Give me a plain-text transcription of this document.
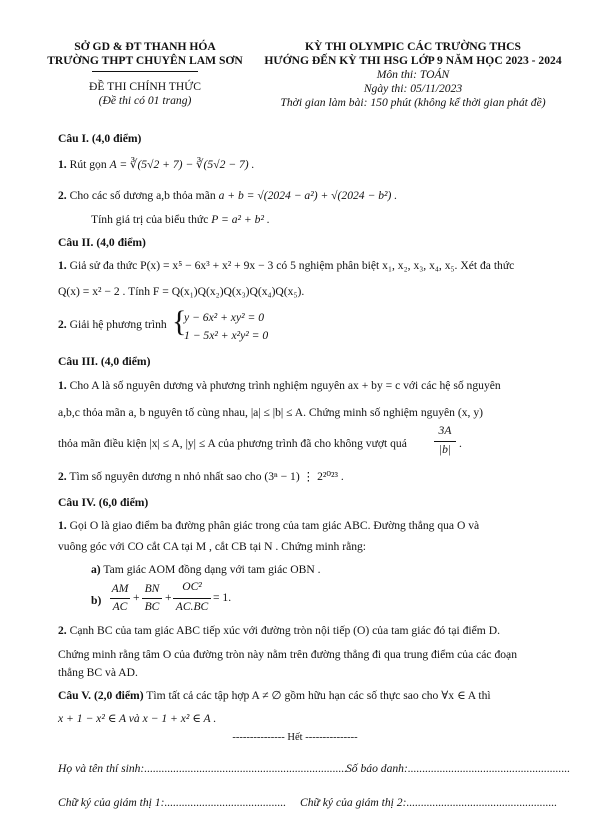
SỞ GD & ĐT THANH HÓA
TRƯỜNG THPT CHUYÊN LAM SƠN
ĐỀ THI CHÍNH THỨC
(Đề thi có 01 trang)
KỲ THI OLYMPIC CÁC TRƯỜNG THCS
HƯỚNG ĐẾN KỲ THI HSG LỚP 9 NĂM HỌC 2023 - 2024
Môn thi: TOÁN
Ngày thi: 05/11/2023
Thời gian làm bài: 150 phút (không kể thời gian phát đề)
Câu I. (4,0 điểm)
1. Rút gọn A = ∛(5√2 + 7) − ∛(5√2 − 7) .
2. Cho các số dương a,b thỏa mãn a + b = √(2024 − a²) + √(2024 − b²) .
Tính giá trị của biểu thức P = a² + b² .
Câu II. (4,0 điểm)
1. Giả sử đa thức P(x) = x⁵ − 6x³ + x² + 9x − 3 có 5 nghiệm phân biệt x₁, x₂, x₃, x₄, x₅. Xét đa thức
Q(x) = x² − 2 . Tính F = Q(x₁)Q(x₂)Q(x₃)Q(x₄)Q(x₅).
2. Giải hệ phương trình {
y − 6x² + xy² = 0
1 − 5x² + x²y² = 0
Câu III. (4,0 điểm)
1. Cho A là số nguyên dương và phương trình nghiệm nguyên ax + by = c với các hệ số nguyên
a,b,c thỏa mãn a, b nguyên tố cùng nhau, |a| ≤ |b| ≤ A. Chứng minh số nghiệm nguyên (x, y)
thỏa mãn điều kiện |x| ≤ A, |y| ≤ A của phương trình đã cho không vượt quá
3A
|b| .
2. Tìm số nguyên dương n nhỏ nhất sao cho (3ⁿ − 1) ⋮ 2²⁰²³ .
Câu IV. (6,0 điểm)
1. Gọi O là giao điểm ba đường phân giác trong của tam giác ABC. Đường thẳng qua O và
vuông góc với CO cắt CA tại M , cắt CB tại N . Chứng minh rằng:
a) Tam giác AOM đồng dạng với tam giác OBN .
b)
AM
AC
+
BN
BC
+
OC²
AC.BC
= 1.
2. Cạnh BC của tam giác ABC tiếp xúc với đường tròn nội tiếp (O) của tam giác đó tại điểm D.
Chứng minh rằng tâm O của đường tròn này nằm trên đường thẳng đi qua trung điểm của các đoạn
thẳng BC và AD.
Câu V. (2,0 điểm) Tìm tất cả các tập hợp A ≠ ∅ gồm hữu hạn các số thực sao cho ∀x ∈ A thì
x + 1 − x² ∈ A và x − 1 + x² ∈ A .
--------------- Hết ---------------
Họ và tên thí sinh:......................................................................
Số báo danh:........................................................
Chữ ký của giám thị 1:..........................................	Chữ ký của giám thị 2:....................................................
